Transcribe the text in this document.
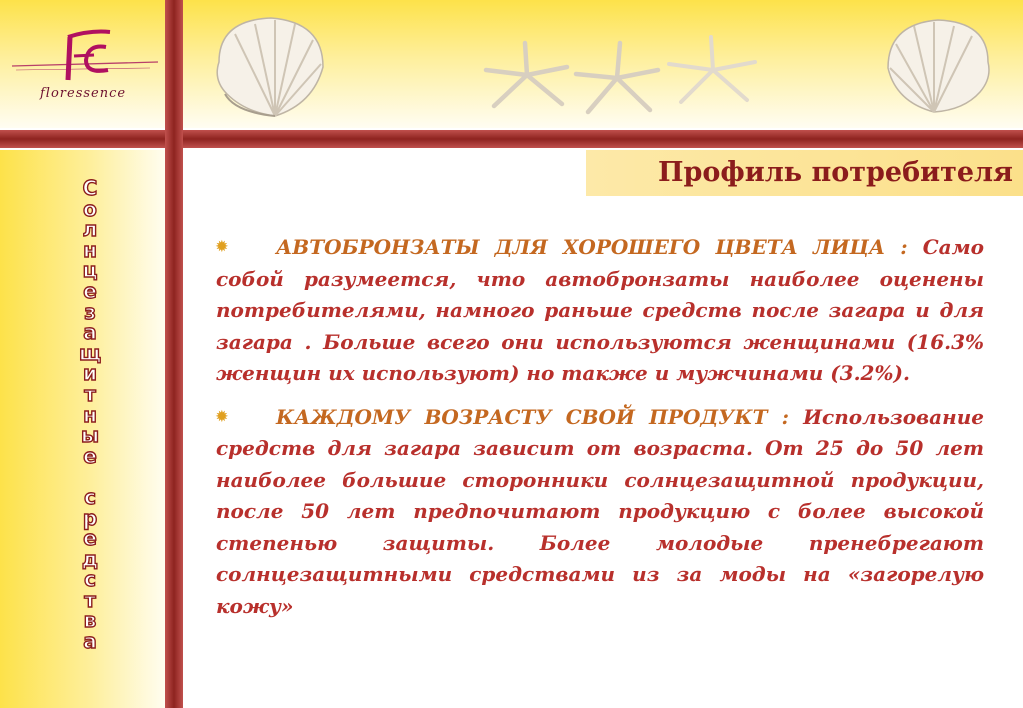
floressence
Профиль потребителя
С
о
л
н
ц
е
з
а
щ
и
т
н
ы
е

с
р
е
д
с
т
в
а

✹ АВТОБРОНЗАТЫ ДЛЯ ХОРОШЕГО ЦВЕТА ЛИЦА : Само собой разумеется, что автобронзаты наиболее оценены потребителями, намного раньше средств после загара и для загара . Больше всего они используются женщинами (16.3% женщин их используют) но также и мужчинами (3.2%).

✹ КАЖДОМУ ВОЗРАСТУ СВОЙ ПРОДУКТ : Использование средств для загара зависит от возраста. От 25 до 50 лет наиболее большие сторонники солнцезащитной продукции, после 50 лет предпочитают продукцию с более высокой степенью защиты. Более молодые пренебрегают солнцезащитными средствами из за моды на «загорелую кожу»
